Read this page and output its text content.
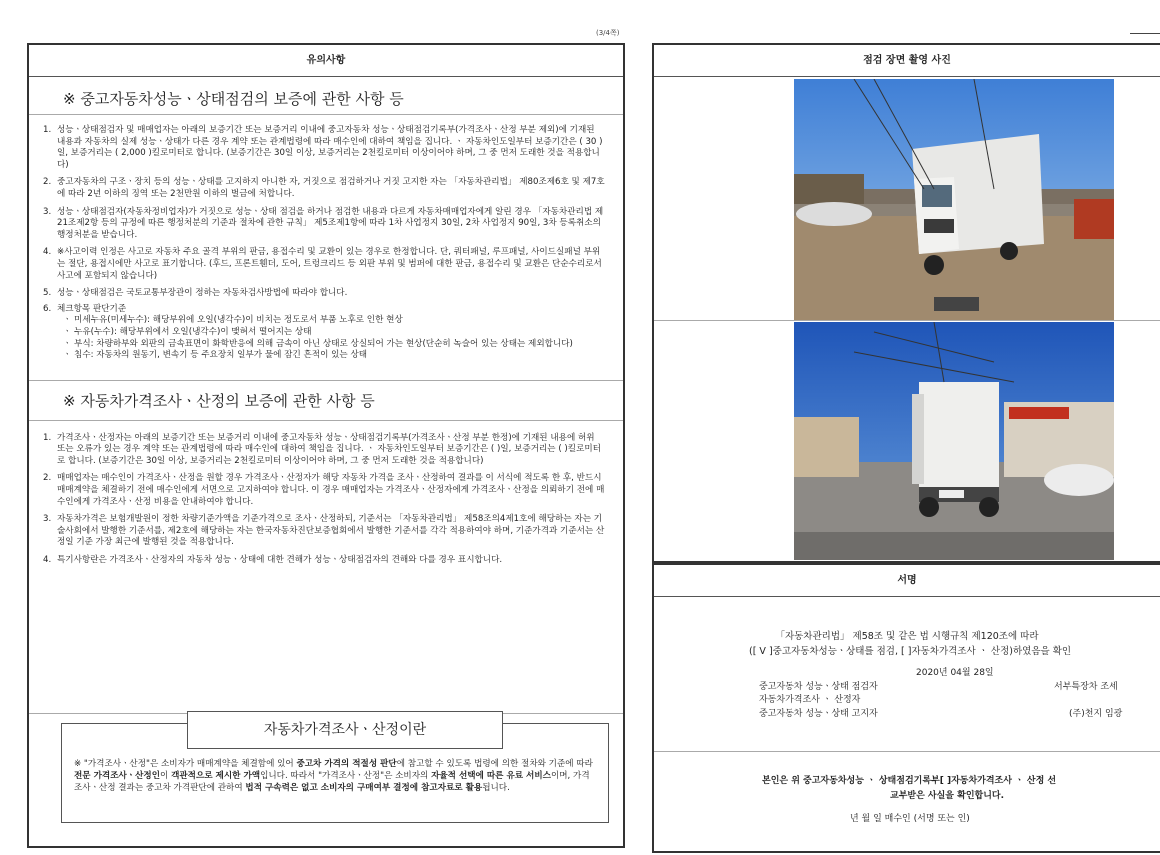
(3/4쪽)
유의사항
※ 중고자동차성능ㆍ상태점검의 보증에 관한 사항 등
1. 성능ㆍ상태점검자 및 매매업자는 아래의 보증기간 또는 보증거리 이내에 중고자동차 성능ㆍ상태점검기록부(가격조사ㆍ산정 부분 제외)에 기재된 내용과 자동차의 실제 성능ㆍ상태가 다른 경우 계약 또는 관계법령에 따라 매수인에 대하여 책임을 집니다. ㆍ 자동차인도일부터 보증기간은 ( 30 )일, 보증거리는 ( 2,000 )킬로미터로 합니다. (보증기간은 30일 이상, 보증거리는 2천킬로미터 이상이어야 하며, 그 중 먼저 도래한 것을 적용합니다)
2. 중고자동차의 구조ㆍ장치 등의 성능ㆍ상태를 고지하지 아니한 자, 거짓으로 점검하거나 거짓 고지한 자는 「자동차관리법」 제80조제6호 및 제7호에 따라 2년 이하의 징역 또는 2천만원 이하의 벌금에 처합니다.
3. 성능ㆍ상태점검자(자동차정비업자)가 거짓으로 성능ㆍ상태 점검을 하거나 점검한 내용과 다르게 자동차매매업자에게 알린 경우 「자동차관리법 제21조제2항 등의 규정에 따른 행정처분의 기준과 절차에 관한 규칙」 제5조제1항에 따라 1차 사업정지 30일, 2차 사업정지 90일, 3차 등록취소의 행정처분을 받습니다.
4. ※사고이력 인정은 사고로 자동차 주요 골격 부위의 판금, 용접수리 및 교환이 있는 경우로 한정합니다. 단, 쿼터패널, 루프패널, 사이드실패널 부위는 절단, 용접시에만 사고로 표기합니다. (후드, 프론트휀더, 도어, 트렁크리드 등 외판 부위 및 범퍼에 대한 판금, 용접수리 및 교환은 단순수리로서 사고에 포함되지 않습니다)
5. 성능ㆍ상태점검은 국토교통부장관이 정하는 자동차검사방법에 따라야 합니다.
6. 체크항목 판단기준
ㆍ 미세누유(미세누수): 해당부위에 오일(냉각수)이 비치는 정도로서 부품 노후로 인한 현상
ㆍ 누유(누수): 해당부위에서 오일(냉각수)이 맺혀서 떨어지는 상태
ㆍ 부식: 차량하부와 외판의 금속표면이 화학반응에 의해 금속이 아닌 상태로 상실되어 가는 현상(단순히 녹슬어 있는 상태는 제외합니다)
ㆍ 침수: 자동차의 원동기, 변속기 등 주요장치 일부가 물에 잠긴 흔적이 있는 상태
※ 자동차가격조사ㆍ산정의 보증에 관한 사항 등
1. 가격조사ㆍ산정자는 아래의 보증기간 또는 보증거리 이내에 중고자동차 성능ㆍ상태점검기록부(가격조사ㆍ산정 부분 한정)에 기재된 내용에 허위 또는 오류가 있는 경우 계약 또는 관계법령에 따라 매수인에 대하여 책임을 집니다. ㆍ 자동차인도일부터 보증기간은 ( )일, 보증거리는 ( )킬로미터로 합니다. (보증기간은 30일 이상, 보증거리는 2천킬로미터 이상이어야 하며, 그 중 먼저 도래한 것을 적용합니다)
2. 매매업자는 매수인이 가격조사ㆍ산정을 원할 경우 가격조사ㆍ산정자가 해당 자동차 가격을 조사ㆍ산정하여 결과를 이 서식에 적도록 한 후, 반드시 매매계약을 체결하기 전에 매수인에게 서면으로 고지하여야 합니다. 이 경우 매매업자는 가격조사ㆍ산정자에게 가격조사ㆍ산정을 의뢰하기 전에 매수인에게 가격조사ㆍ산정 비용을 안내하여야 합니다.
3. 자동차가격은 보험개발원이 정한 차량기준가액을 기준가격으로 조사ㆍ산정하되, 기준서는 「자동차관리법」 제58조의4제1호에 해당하는 자는 기술사회에서 발행한 기준서를, 제2호에 해당하는 자는 한국자동차진단보증협회에서 발행한 기준서를 각각 적용하여야 하며, 기준가격과 기준서는 산정일 기준 가장 최근에 발행된 것을 적용합니다.
4. 특기사항란은 가격조사ㆍ산정자의 자동차 성능ㆍ상태에 대한 견해가 성능ㆍ상태점검자의 견해와 다를 경우 표시합니다.
자동차가격조사ㆍ산정이란
※ "가격조사ㆍ산정"은 소비자가 매매계약을 체결함에 있어 중고차 가격의 적절성 판단에 참고할 수 있도록 법령에 의한 절차와 기준에 따라 전문 가격조사ㆍ산정인이 객관적으로 제시한 가액입니다. 따라서 "가격조사ㆍ산정"은 소비자의 자율적 선택에 따른 유료 서비스이며, 가격조사ㆍ산정 결과는 중고차 가격판단에 관하여 법적 구속력은 없고 소비자의 구매여부 결정에 참고자료로 활용됩니다.
점검 장면 촬영 사진
서명
「자동차관리법」 제58조 및 같은 법 시행규칙 제120조에 따라
([ V ]중고자동차성능ㆍ상태를 점검, [ ]자동차가격조사 ㆍ 산정)하였음을 확인
2020년 04월 28일
중고자동차 성능ㆍ상태 점검자	서부특장차 조세
자동차가격조사 ㆍ 산정자
중고자동차 성능ㆍ상태 고지자	(주)천지 임광
본인은 위 중고자동차성능 ㆍ 상태점검기록부[ ]자동차가격조사 ㆍ 산정 선
교부받은 사실을 확인합니다.
년 월 일 매수인 (서명 또는 인)
